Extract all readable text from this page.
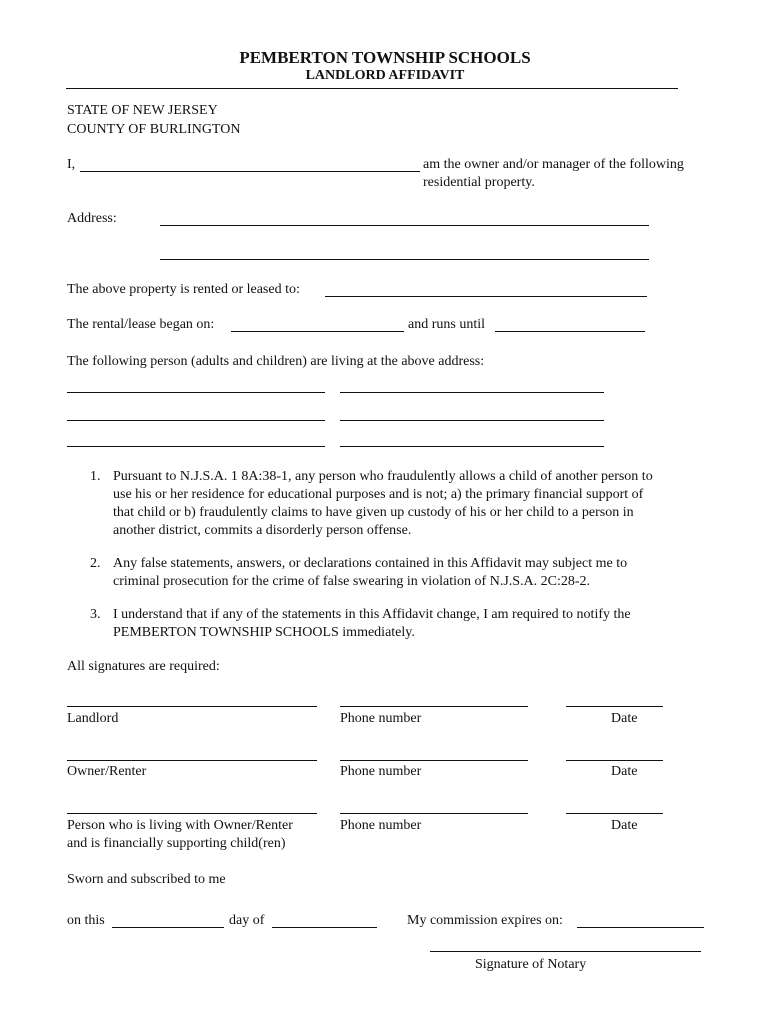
PEMBERTON TOWNSHIP SCHOOLS
LANDLORD AFFIDAVIT
STATE OF NEW JERSEY
COUNTY OF BURLINGTON
I,	am the owner and/or manager of the following
residential property.
Address:
The above property is rented or leased to:
The rental/lease began on:	and runs until
The following person (adults and children) are living at the above address:
1. Pursuant to N.J.S.A. 1 8A:38-1, any person who fraudulently allows a child of another person to
use his or her residence for educational purposes and is not; a) the primary financial support of
that child or b) fraudulently claims to have given up custody of his or her child to a person in
another district, commits a disorderly person offense.
2. Any false statements, answers, or declarations contained in this Affidavit may subject me to
criminal prosecution for the crime of false swearing in violation of N.J.S.A. 2C:28-2.
3. I understand that if any of the statements in this Affidavit change, I am required to notify the
PEMBERTON TOWNSHIP SCHOOLS immediately.
All signatures are required:
Landlord	Phone number	Date
Owner/Renter	Phone number	Date
Person who is living with Owner/Renter
and is financially supporting child(ren)
Phone number	Date
Sworn and subscribed to me
on this	day of	My commission expires on:
Signature of Notary
